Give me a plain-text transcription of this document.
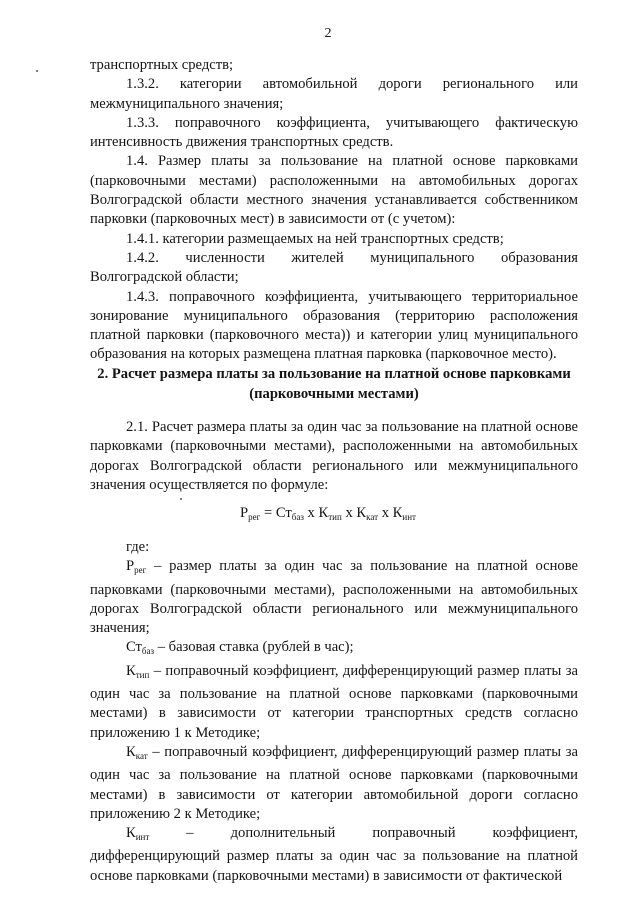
2

транспортных средств;

1.3.2. категории автомобильной дороги регионального или межмуниципального значения;

1.3.3. поправочного коэффициента, учитывающего фактическую интенсивность движения транспортных средств.

1.4. Размер платы за пользование на платной основе парковками (парковочными местами) расположенными на автомобильных дорогах Волгоградской области местного значения устанавливается собственником парковки (парковочных мест) в зависимости от (с учетом):

1.4.1. категории размещаемых на ней транспортных средств;

1.4.2. численности жителей муниципального образования Волгоградской области;

1.4.3. поправочного коэффициента, учитывающего территориальное зонирование муниципального образования (территорию расположения платной парковки (парковочного места)) и категории улиц муниципального образования на которых размещена платная парковка (парковочное место).

2. Расчет размера платы за пользование на платной основе парковками (парковочными местами)

2.1. Расчет размера платы за один час за пользование на платной основе парковками (парковочными местами), расположенными на автомобильных дорогах Волгоградской области регионального или межмуниципального значения осуществляется по формуле:

$P_{рег} = Ст_{баз}$ x $К_{тип}$ x $К_{кат}$ x $К_{инт}$

где:

$P_{рег}$ – размер платы за один час за пользование на платной основе парковками (парковочными местами), расположенными на автомобильных дорогах Волгоградской области регионального или межмуниципального значения;

$Ст_{баз}$ – базовая ставка (рублей в час);

$К_{тип}$ – поправочный коэффициент, дифференцирующий размер платы за один час за пользование на платной основе парковками (парковочными местами) в зависимости от категории транспортных средств согласно приложению 1 к Методике;

$К_{кат}$ – поправочный коэффициент, дифференцирующий размер платы за один час за пользование на платной основе парковками (парковочными местами) в зависимости от категории автомобильной дороги согласно приложению 2 к Методике;

$К_{инт}$ – дополнительный поправочный коэффициент, дифференцирующий размер платы за один час за пользование на платной основе парковками (парковочными местами) в зависимости от фактической
